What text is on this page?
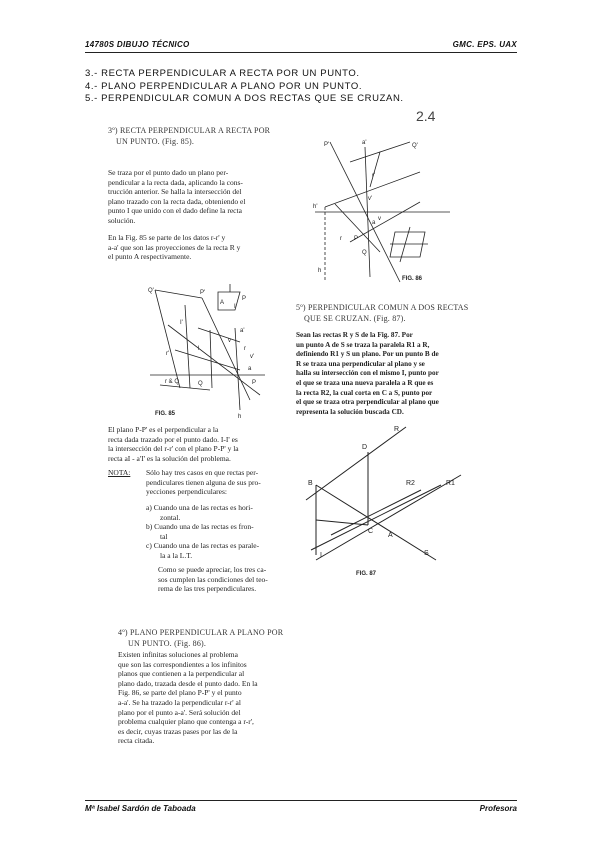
14780S DIBUJO TÉCNICO	GMC. EPS. UAX
3.- RECTA PERPENDICULAR A RECTA POR UN PUNTO.
4.- PLANO PERPENDICULAR A PLANO POR UN PUNTO.
5.- PERPENDICULAR COMUN A DOS RECTAS QUE SE CRUZAN.
2.4
3º) RECTA PERPENDICULAR A RECTA POR
UN PUNTO. (Fig. 85).
Se traza por el punto dado un plano per-
pendicular a la recta dada, aplicando la cons-
trucción anterior. Se halla la intersección del
plano trazado con la recta dada, obteniendo el
punto I que unido con el dado define la recta
solución.
En la Fig. 85 se parte de los datos r-r' y
a-a' que son las proyecciones de la recta R y
el punto A respectivamente.
El plano P-P' es el perpendicular a la
recta dada trazado por el punto dado. I-I' es
la intersección del r-r' con el plano P-P' y la
recta aI - a'I' es la solución del problema.
NOTA:	Sólo hay tres casos en que rectas per-
pendiculares tienen alguna de sus pro-
yecciones perpendiculares:
a) Cuando una de las rectas es hori-
zontal.
b) Cuando una de las rectas es fron-
tal
c) Cuando una de las rectas es parale-
la a la L.T.
Como se puede apreciar, los tres ca-
sos cumplen las condiciones del teo-
rema de las tres perpendiculares.
4º) PLANO PERPENDICULAR A PLANO POR
UN PUNTO. (Fig. 86).
Existen infinitas soluciones al problema
que son las correspondientes a los infinitos
planos que contienen a la perpendicular al
plano dado, trazada desde el punto dado. En la
Fig. 86, se parte del plano P-P' y el punto
a-a'. Se ha trazado la perpendicular r-r' al
plano por el punto a-a'. Será solución del
problema cualquier plano que contenga a r-r',
es decir, cuyas trazas pases por las de la
recta citada.
5º) PERPENDICULAR COMUN A DOS RECTAS
QUE SE CRUZAN. (Fig. 87).
Sean las rectas R y S de la Fig. 87. Por
un punto A de S se traza la paralela R1 a R,
definiendo R1 y S un plano. Por un punto B de
R se traza una perpendicular al plano y se
halla su intersección con el mismo I, punto por
el que se traza una nueva paralela a R que es
la recta R2, la cual corta en C a S, punto por
el que se traza otra perpendicular al plano que
representa la solución buscada CD.
Q'	P'
I'
a'
r'
P
A
I
r
a
l
Q	P
h
r & Q
v
v'
FIG. 85
P'	a'	Q'
h'
r'
a
P
Q
r
h
v
v'
FIG. 86
R
D
B	R2	R1
C
A
I	S
FIG. 87
Mª Isabel Sardón de Taboada	Profesora
